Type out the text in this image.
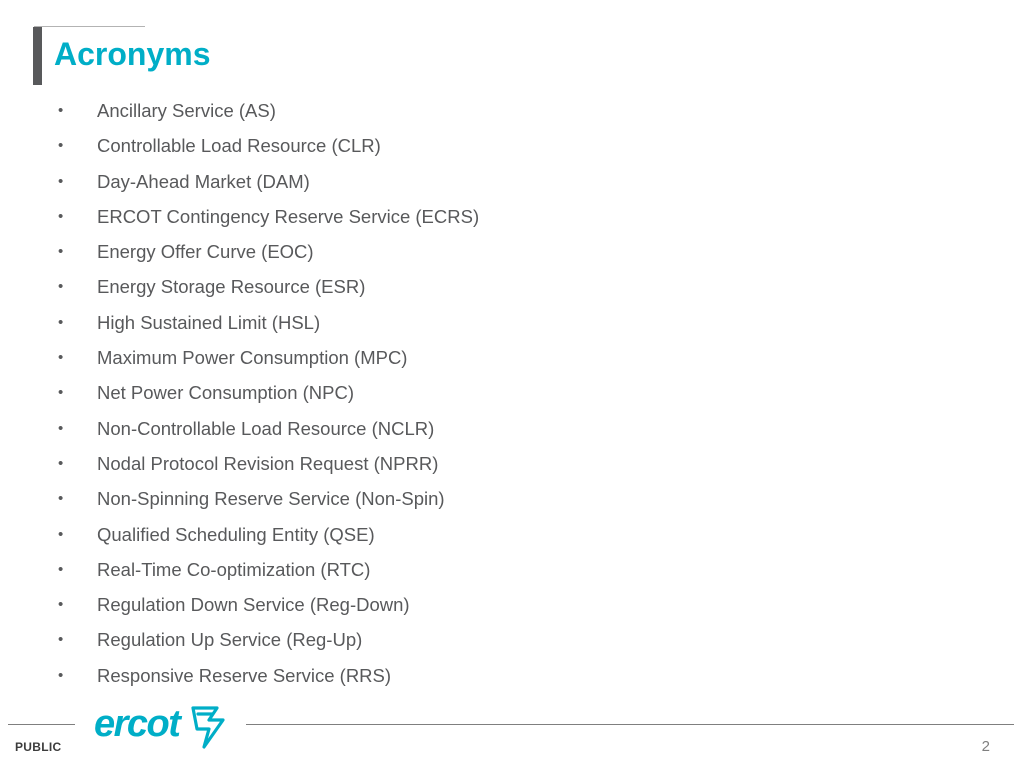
Acronyms
• Ancillary Service (AS)
• Controllable Load Resource (CLR)
• Day-Ahead Market (DAM)
• ERCOT Contingency Reserve Service (ECRS)
• Energy Offer Curve (EOC)
• Energy Storage Resource (ESR)
• High Sustained Limit (HSL)
• Maximum Power Consumption (MPC)
• Net Power Consumption (NPC)
• Non-Controllable Load Resource (NCLR)
• Nodal Protocol Revision Request (NPRR)
• Non-Spinning Reserve Service (Non-Spin)
• Qualified Scheduling Entity (QSE)
• Real-Time Co-optimization (RTC)
• Regulation Down Service (Reg-Down)
• Regulation Up Service (Reg-Up)
• Responsive Reserve Service (RRS)
ercot
PUBLIC	2
